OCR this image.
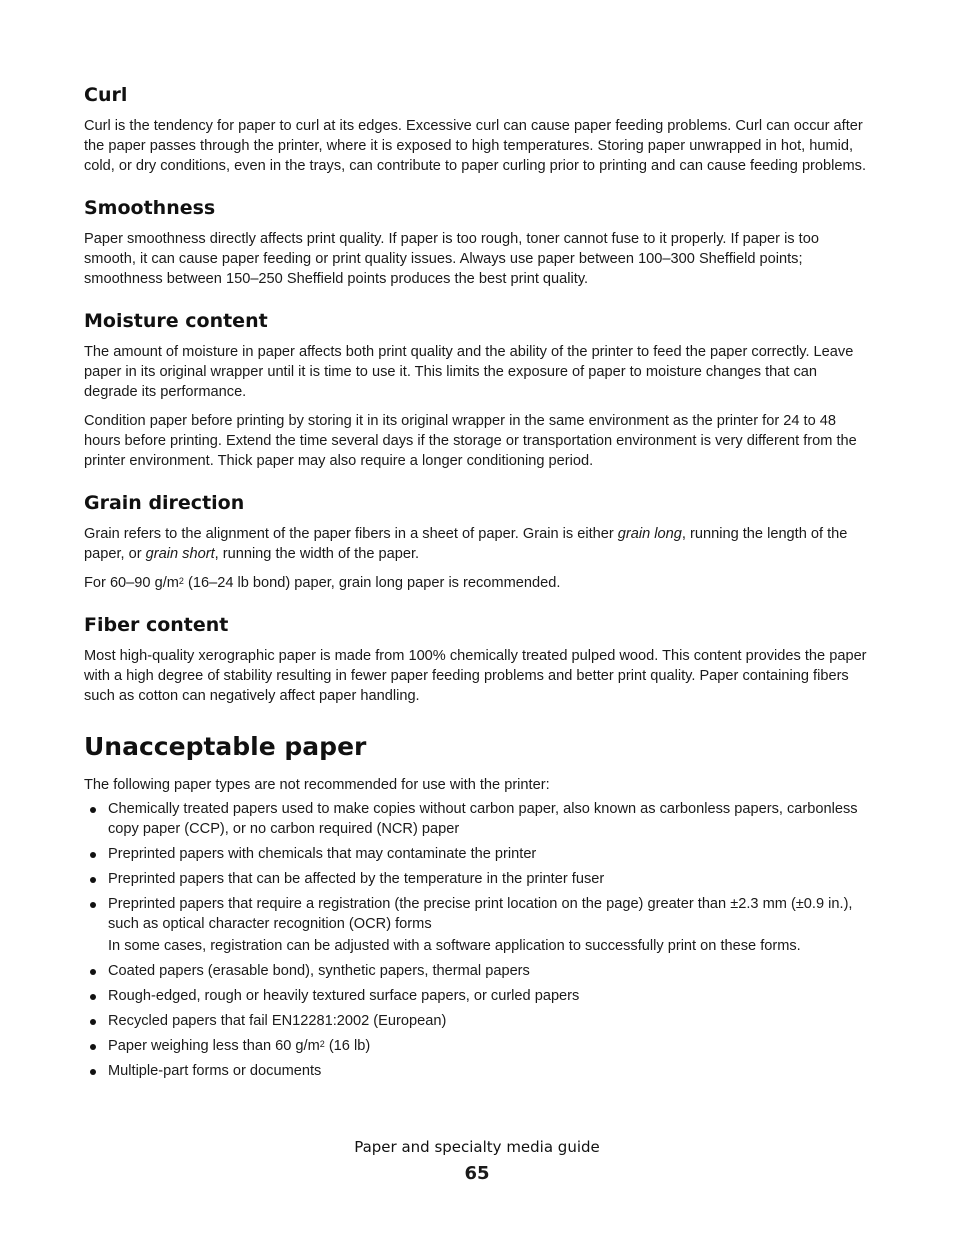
Curl

Curl is the tendency for paper to curl at its edges. Excessive curl can cause paper feeding problems. Curl can occur after the paper passes through the printer, where it is exposed to high temperatures. Storing paper unwrapped in hot, humid, cold, or dry conditions, even in the trays, can contribute to paper curling prior to printing and can cause feeding problems.

Smoothness

Paper smoothness directly affects print quality. If paper is too rough, toner cannot fuse to it properly. If paper is too smooth, it can cause paper feeding or print quality issues. Always use paper between 100–300 Sheffield points; smoothness between 150–250 Sheffield points produces the best print quality.

Moisture content

The amount of moisture in paper affects both print quality and the ability of the printer to feed the paper correctly. Leave paper in its original wrapper until it is time to use it. This limits the exposure of paper to moisture changes that can degrade its performance.

Condition paper before printing by storing it in its original wrapper in the same environment as the printer for 24 to 48 hours before printing. Extend the time several days if the storage or transportation environment is very different from the printer environment. Thick paper may also require a longer conditioning period.

Grain direction

Grain refers to the alignment of the paper fibers in a sheet of paper. Grain is either grain long, running the length of the paper, or grain short, running the width of the paper.

For 60–90 $g/m^2$ (16–24 lb bond) paper, grain long paper is recommended.

Fiber content

Most high-quality xerographic paper is made from 100% chemically treated pulped wood. This content provides the paper with a high degree of stability resulting in fewer paper feeding problems and better print quality. Paper containing fibers such as cotton can negatively affect paper handling.

Unacceptable paper

The following paper types are not recommended for use with the printer:

Chemically treated papers used to make copies without carbon paper, also known as carbonless papers, carbonless copy paper (CCP), or no carbon required (NCR) paper
Preprinted papers with chemicals that may contaminate the printer
Preprinted papers that can be affected by the temperature in the printer fuser
Preprinted papers that require a registration (the precise print location on the page) greater than ±2.3 mm (±0.9 in.), such as optical character recognition (OCR) forms
In some cases, registration can be adjusted with a software application to successfully print on these forms.
Coated papers (erasable bond), synthetic papers, thermal papers
Rough-edged, rough or heavily textured surface papers, or curled papers
Recycled papers that fail EN12281:2002 (European)
Paper weighing less than 60 $g/m^2$ (16 lb)
Multiple-part forms or documents
Paper and specialty media guide
65
